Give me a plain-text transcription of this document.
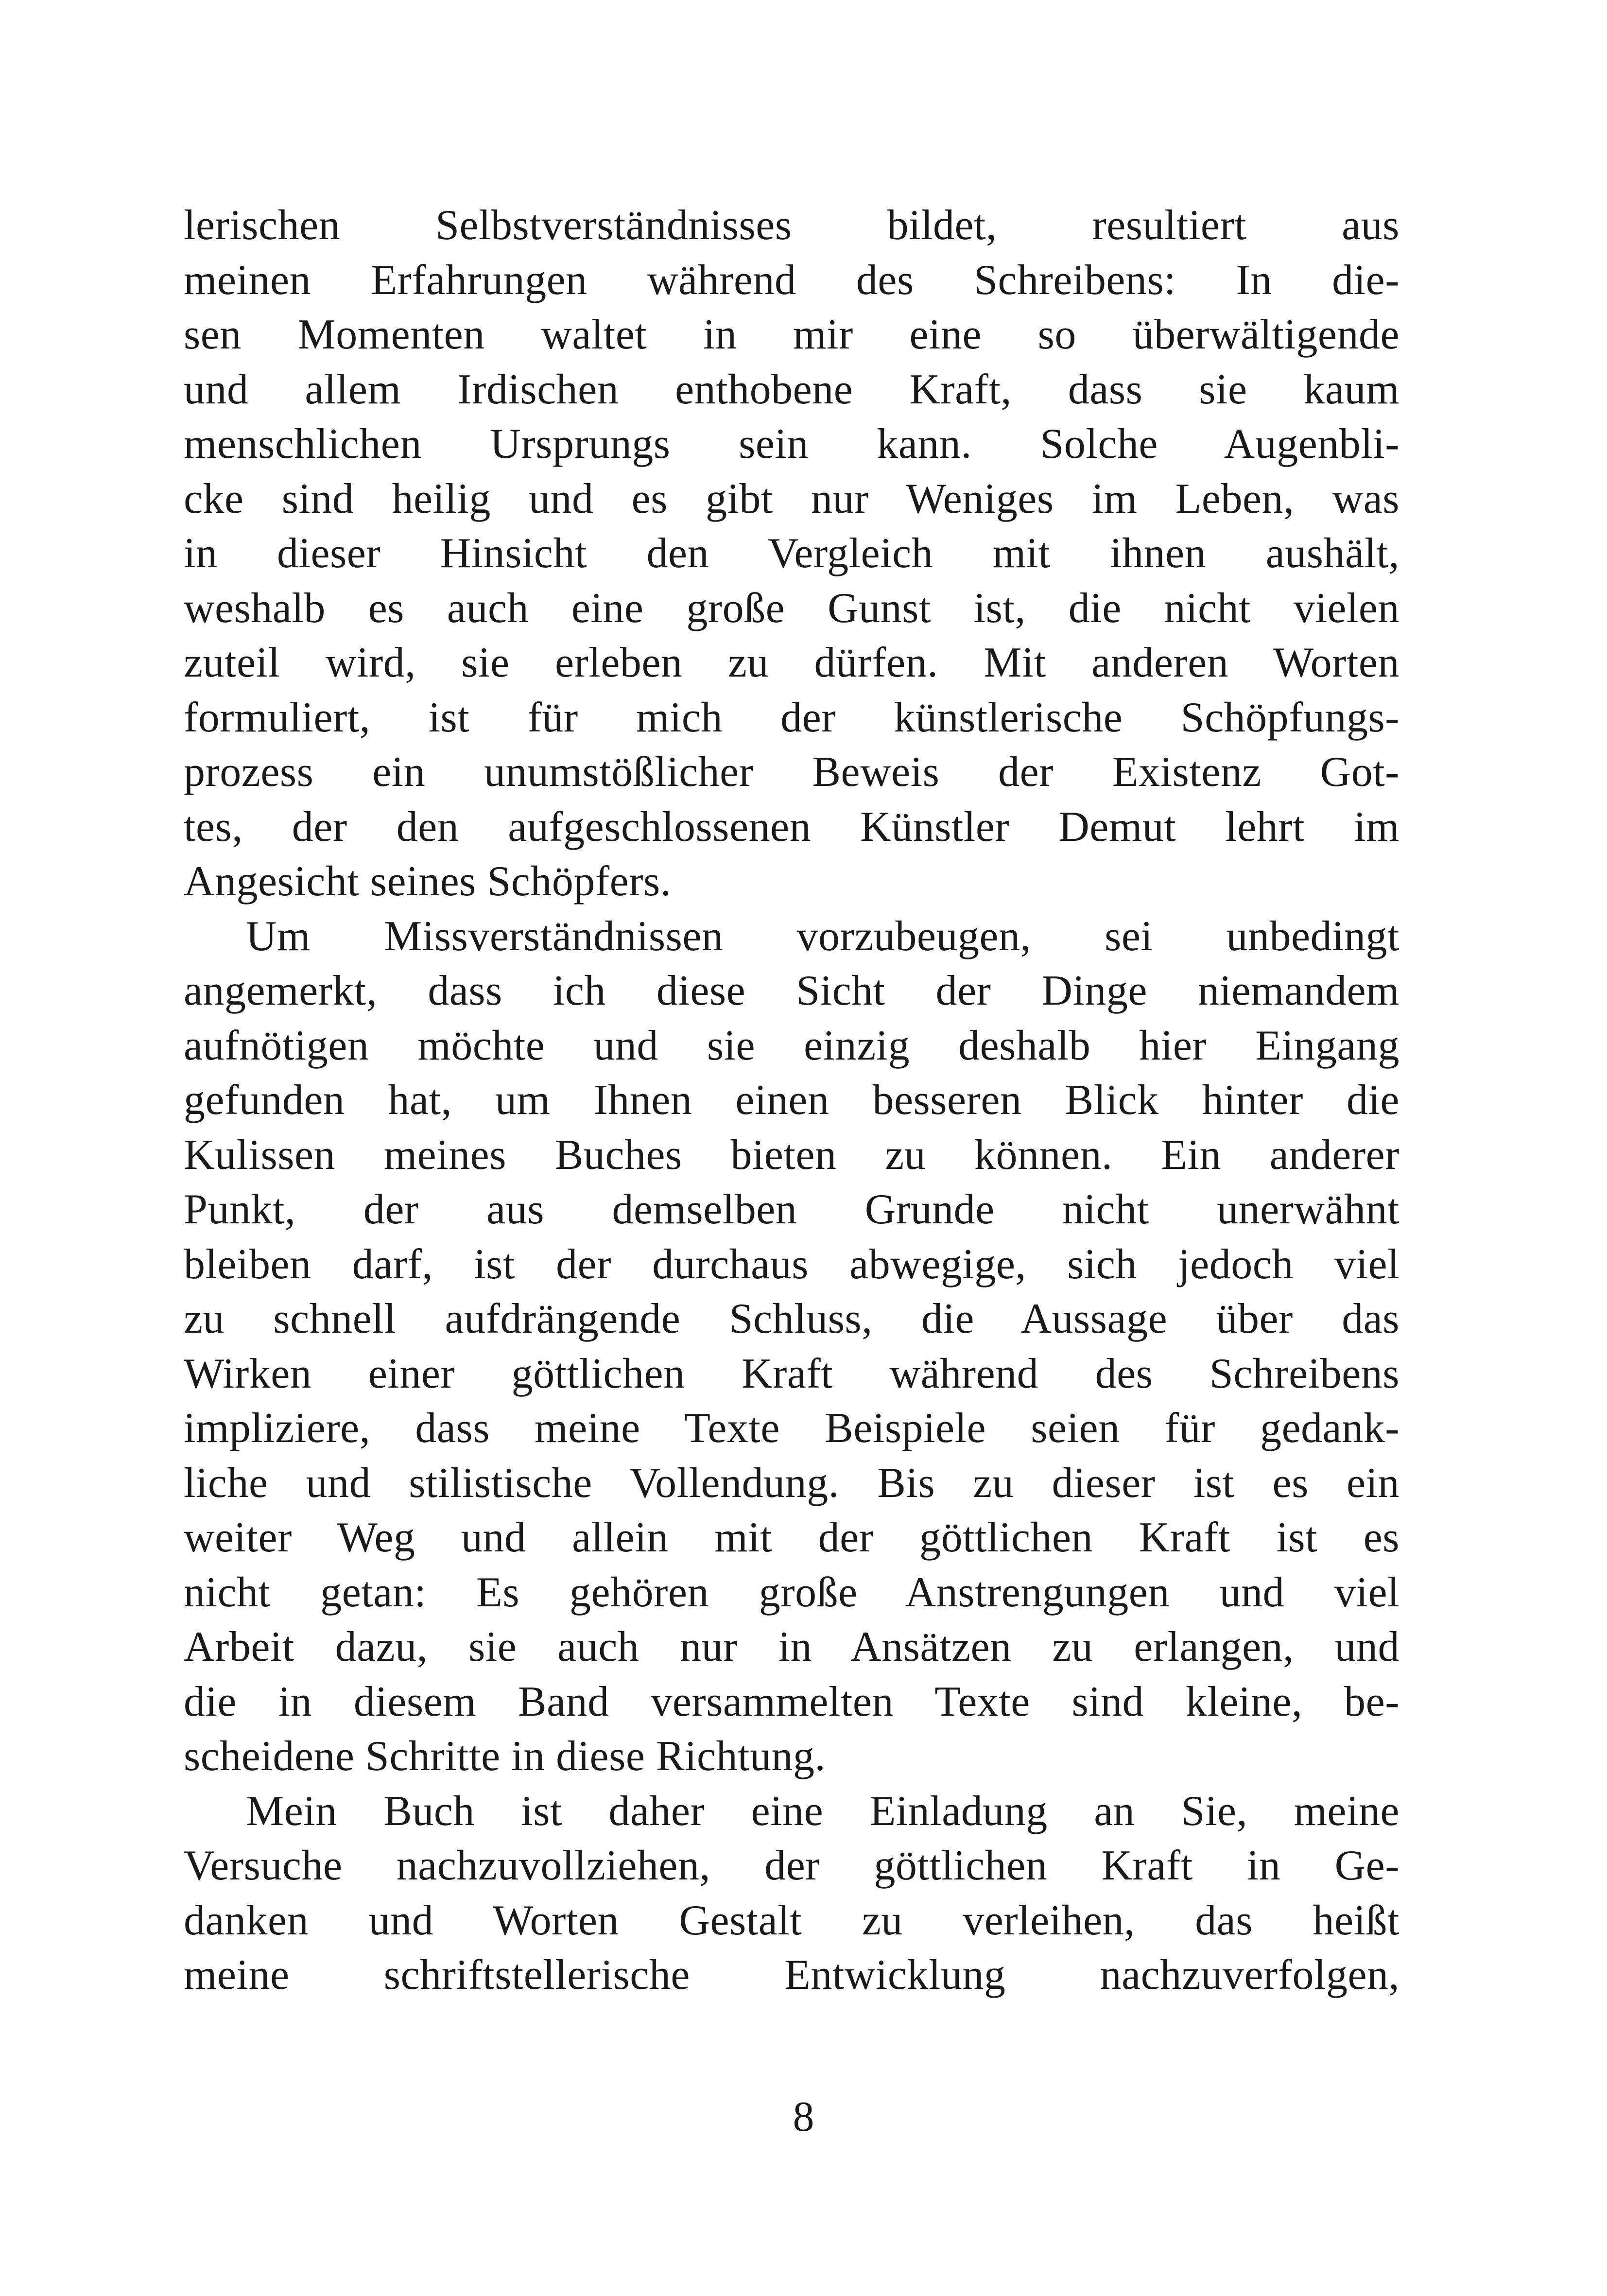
lerischen Selbstverständnisses bildet, resultiert aus
meinen Erfahrungen während des Schreibens: In die-
sen Momenten waltet in mir eine so überwältigende
und allem Irdischen enthobene Kraft, dass sie kaum
menschlichen Ursprungs sein kann. Solche Augenbli-
cke sind heilig und es gibt nur Weniges im Leben, was
in dieser Hinsicht den Vergleich mit ihnen aushält,
weshalb es auch eine große Gunst ist, die nicht vielen
zuteil wird, sie erleben zu dürfen. Mit anderen Worten
formuliert, ist für mich der künstlerische Schöpfungs-
prozess ein unumstößlicher Beweis der Existenz Got-
tes, der den aufgeschlossenen Künstler Demut lehrt im
Angesicht seines Schöpfers.
Um Missverständnissen vorzubeugen, sei unbedingt
angemerkt, dass ich diese Sicht der Dinge niemandem
aufnötigen möchte und sie einzig deshalb hier Eingang
gefunden hat, um Ihnen einen besseren Blick hinter die
Kulissen meines Buches bieten zu können. Ein anderer
Punkt, der aus demselben Grunde nicht unerwähnt
bleiben darf, ist der durchaus abwegige, sich jedoch viel
zu schnell aufdrängende Schluss, die Aussage über das
Wirken einer göttlichen Kraft während des Schreibens
impliziere, dass meine Texte Beispiele seien für gedank-
liche und stilistische Vollendung. Bis zu dieser ist es ein
weiter Weg und allein mit der göttlichen Kraft ist es
nicht getan: Es gehören große Anstrengungen und viel
Arbeit dazu, sie auch nur in Ansätzen zu erlangen, und
die in diesem Band versammelten Texte sind kleine, be-
scheidene Schritte in diese Richtung.
Mein Buch ist daher eine Einladung an Sie, meine
Versuche nachzuvollziehen, der göttlichen Kraft in Ge-
danken und Worten Gestalt zu verleihen, das heißt
meine schriftstellerische Entwicklung nachzuverfolgen,
8
